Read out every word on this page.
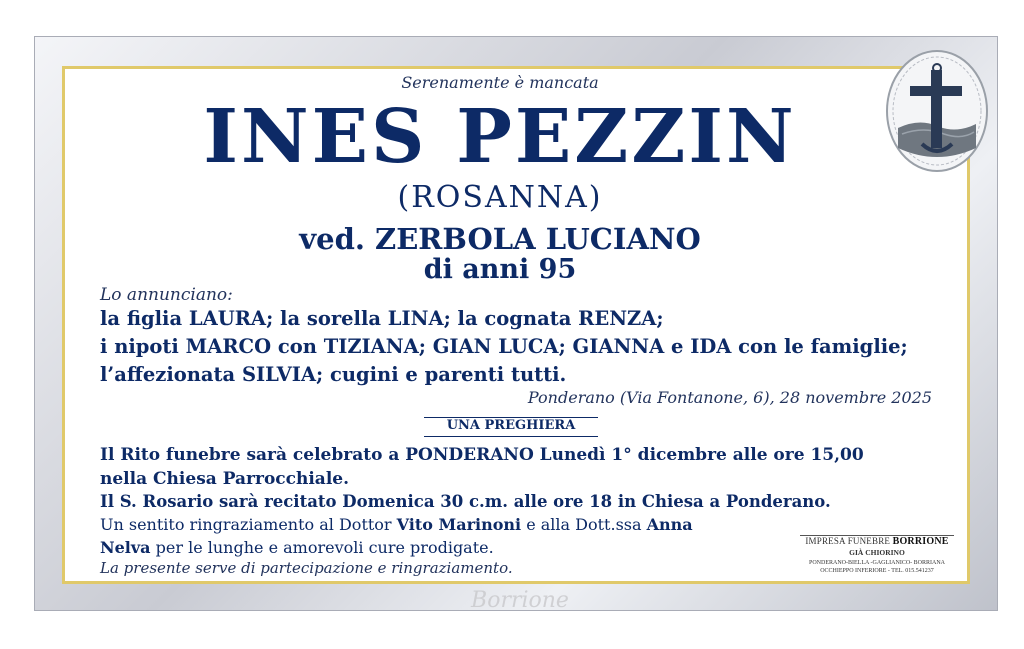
Serenamente è mancata
INES PEZZIN
(ROSANNA)
ved. ZERBOLA LUCIANO
di anni 95
Lo annunciano:
la figlia LAURA; la sorella LINA; la cognata RENZA;
i nipoti MARCO con TIZIANA; GIAN LUCA; GIANNA e IDA con le famiglie;
l’affezionata SILVIA; cugini e parenti tutti.
Ponderano (Via Fontanone, 6), 28 novembre 2025
UNA PREGHIERA
Il Rito funebre sarà celebrato a PONDERANO Lunedì 1° dicembre alle ore 15,00
nella Chiesa Parrocchiale.
Il S. Rosario sarà recitato Domenica 30 c.m. alle ore 18 in Chiesa a Ponderano.
Un sentito ringraziamento al Dottor Vito Marinoni e alla Dott.ssa Anna
Nelva per le lunghe e amorevoli cure prodigate.
La presente serve di partecipazione e ringraziamento.
IMPRESA FUNEBRE BORRIONE
GIÀ CHIORINO
PONDERANO-BIELLA -GAGLIANICO- BORRIANA
OCCHIEPPO INFERIORE - TEL. 015.541237
Borrione
